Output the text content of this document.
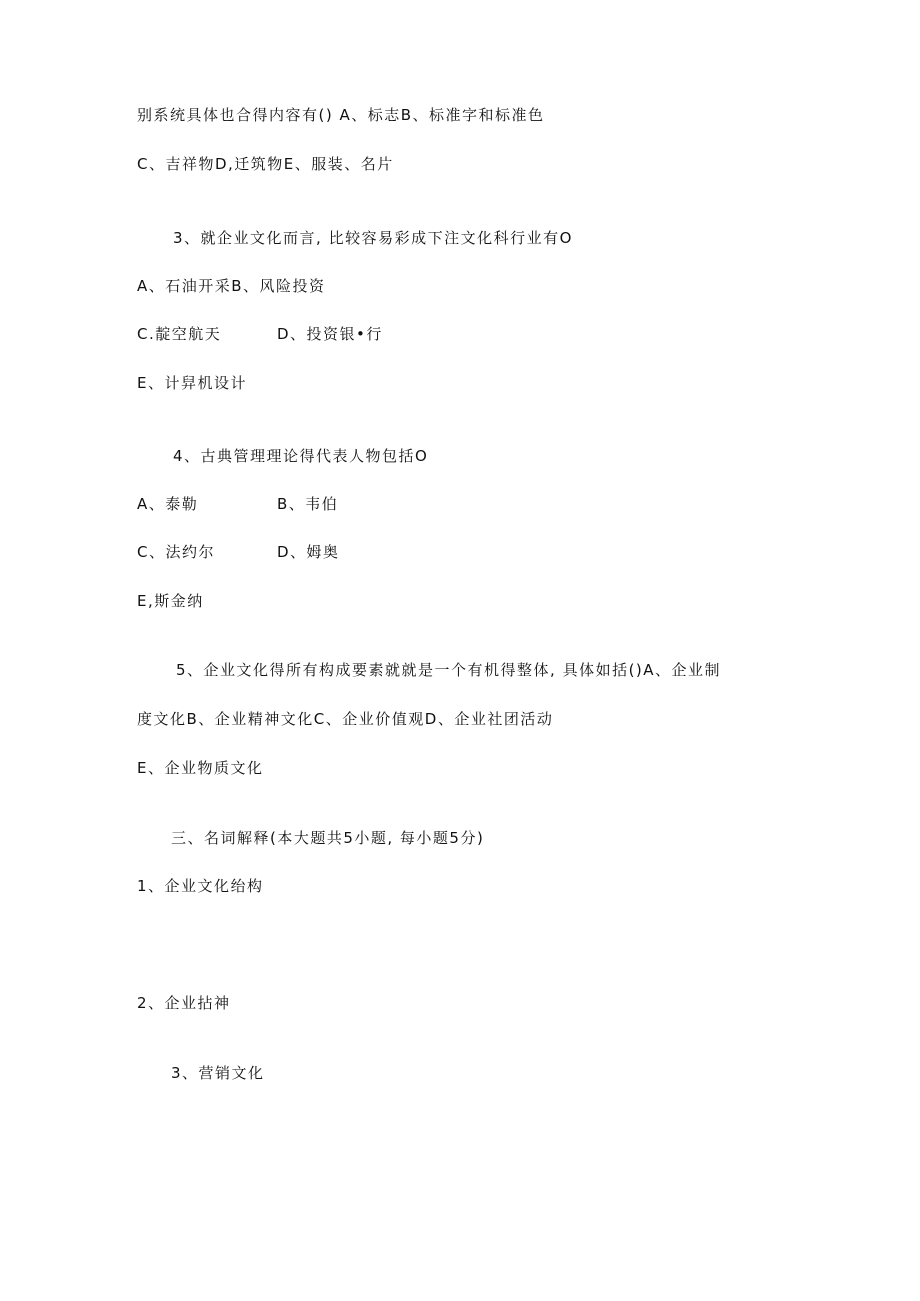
别系统具体也合得内容有() A、标志B、标准字和标准色
C、吉祥物D,迁筑物E、服装、名片
3、就企业文化而言, 比较容易彩成下注文化科行业有O
A、石油开采B、风险投资
C.靛空航天	D、投资银•行
E、计舁机设计
4、古典管理理论得代表人物包括O
A、泰勒	B、韦伯
C、法约尔	D、姆奥
E,斯金纳
5、企业文化得所有构成要素就就是一个有机得整体, 具体如括()A、企业制
度文化B、企业精神文化C、企业价值观D、企业社团活动
E、企业物质文化
三、名词解释(本大题共5小题, 每小题5分)
1、企业文化绐构
2、企业拈神
3、营销文化
